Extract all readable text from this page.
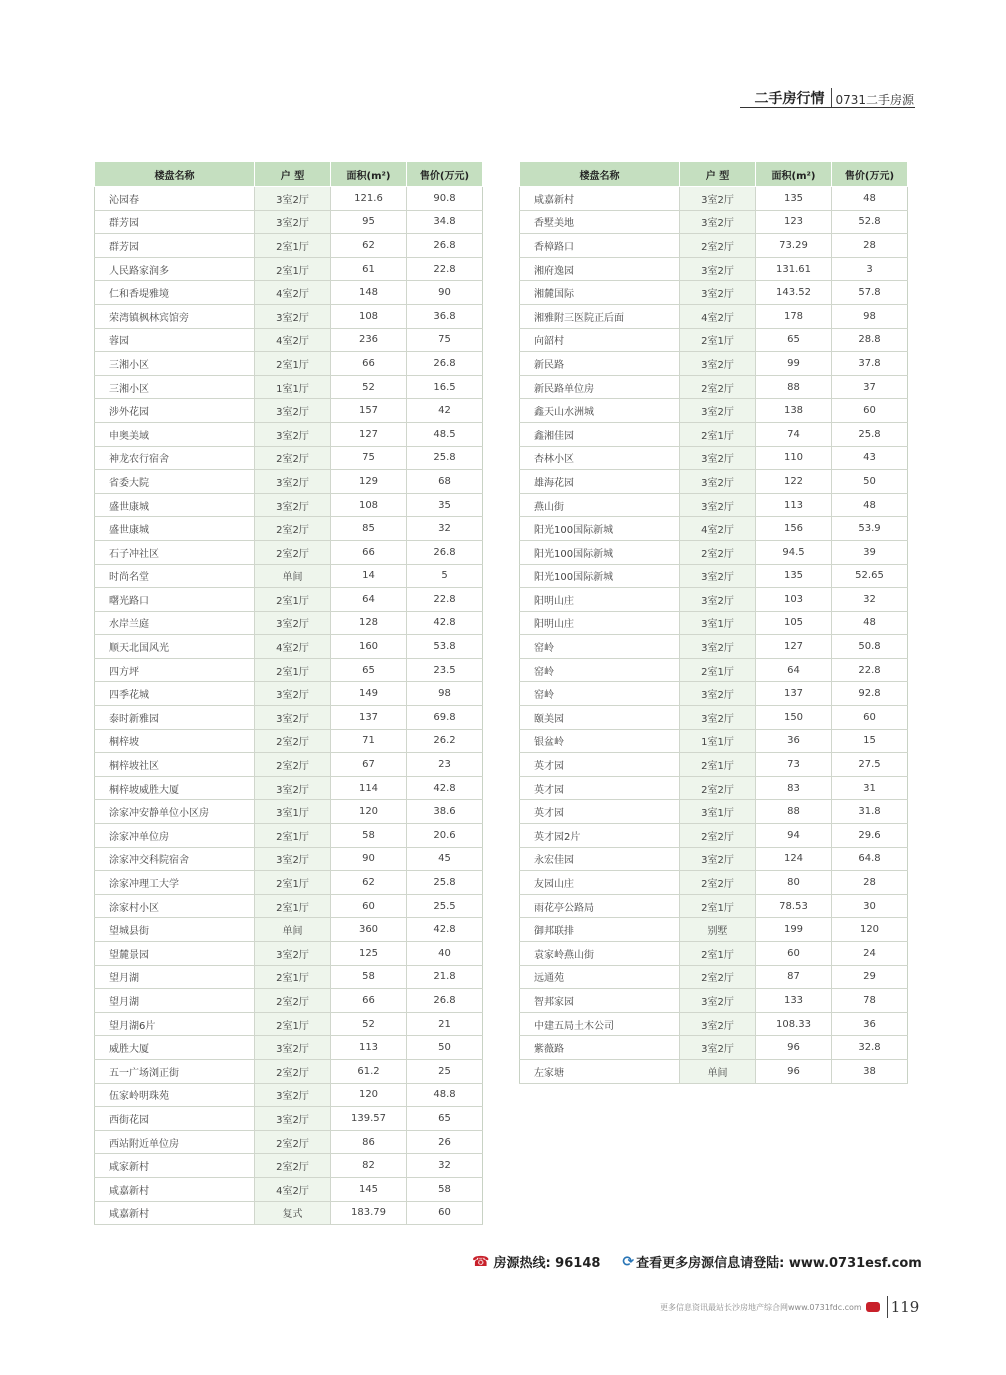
二手房行情 0731二手房源
楼盘名称	户 型	面积(m²)	售价(万元)
沁园春	3室2厅	121.6	90.8
群芳园	3室2厅	95	34.8
群芳园	2室1厅	62	26.8
人民路家润多	2室1厅	61	22.8
仁和香堤雅境	4室2厅	148	90
荣湾镇枫林宾馆旁	3室2厅	108	36.8
蓉园	4室2厅	236	75
三湘小区	2室1厅	66	26.8
三湘小区	1室1厅	52	16.5
涉外花园	3室2厅	157	42
申奥美域	3室2厅	127	48.5
神龙农行宿舍	2室2厅	75	25.8
省委大院	3室2厅	129	68
盛世康城	3室2厅	108	35
盛世康城	2室2厅	85	32
石子冲社区	2室2厅	66	26.8
时尚名堂	单间	14	5
曙光路口	2室1厅	64	22.8
水岸兰庭	3室2厅	128	42.8
顺天北国风光	4室2厅	160	53.8
四方坪	2室1厅	65	23.5
四季花城	3室2厅	149	98
泰时新雅园	3室2厅	137	69.8
桐梓坡	2室2厅	71	26.2
桐梓坡社区	2室2厅	67	23
桐梓坡威胜大厦	3室2厅	114	42.8
涂家冲安静单位小区房	3室1厅	120	38.6
涂家冲单位房	2室1厅	58	20.6
涂家冲交科院宿舍	3室2厅	90	45
涂家冲理工大学	2室1厅	62	25.8
涂家村小区	2室1厅	60	25.5
望城县街	单间	360	42.8
望麓景园	3室2厅	125	40
望月湖	2室1厅	58	21.8
望月湖	2室2厅	66	26.8
望月湖6片	2室1厅	52	21
威胜大厦	3室2厅	113	50
五一广场浏正街	2室2厅	61.2	25
伍家岭明珠苑	3室2厅	120	48.8
西街花园	3室2厅	139.57	65
西站附近单位房	2室2厅	86	26
咸家新村	2室2厅	82	32
咸嘉新村	4室2厅	145	58
咸嘉新村	复式	183.79	60
楼盘名称	户 型	面积(m²)	售价(万元)
咸嘉新村	3室2厅	135	48
香墅美地	3室2厅	123	52.8
香樟路口	2室2厅	73.29	28
湘府逸园	3室2厅	131.61	3
湘麓国际	3室2厅	143.52	57.8
湘雅附三医院正后面	4室2厅	178	98
向韶村	2室1厅	65	28.8
新民路	3室2厅	99	37.8
新民路单位房	2室2厅	88	37
鑫天山水洲城	3室2厅	138	60
鑫湘佳园	2室1厅	74	25.8
杏林小区	3室2厅	110	43
雄海花园	3室2厅	122	50
燕山街	3室2厅	113	48
阳光100国际新城	4室2厅	156	53.9
阳光100国际新城	2室2厅	94.5	39
阳光100国际新城	3室2厅	135	52.65
阳明山庄	3室2厅	103	32
阳明山庄	3室1厅	105	48
窑岭	3室2厅	127	50.8
窑岭	2室1厅	64	22.8
窑岭	3室2厅	137	92.8
颐美园	3室2厅	150	60
银盆岭	1室1厅	36	15
英才园	2室1厅	73	27.5
英才园	2室2厅	83	31
英才园	3室1厅	88	31.8
英才园2片	2室2厅	94	29.6
永宏佳园	3室2厅	124	64.8
友园山庄	2室2厅	80	28
雨花亭公路局	2室1厅	78.53	30
御邦联排	别墅	199	120
袁家岭燕山街	2室1厅	60	24
远通苑	2室2厅	87	29
智邦家园	3室2厅	133	78
中建五局土木公司	3室2厅	108.33	36
紫薇路	3室2厅	96	32.8
左家塘	单间	96	38
☎ 房源热线: 96148 ⟳ 查看更多房源信息请登陆: www.0731esf.com
更多信息资讯最站长沙房地产综合网www.0731fdc.com 119
